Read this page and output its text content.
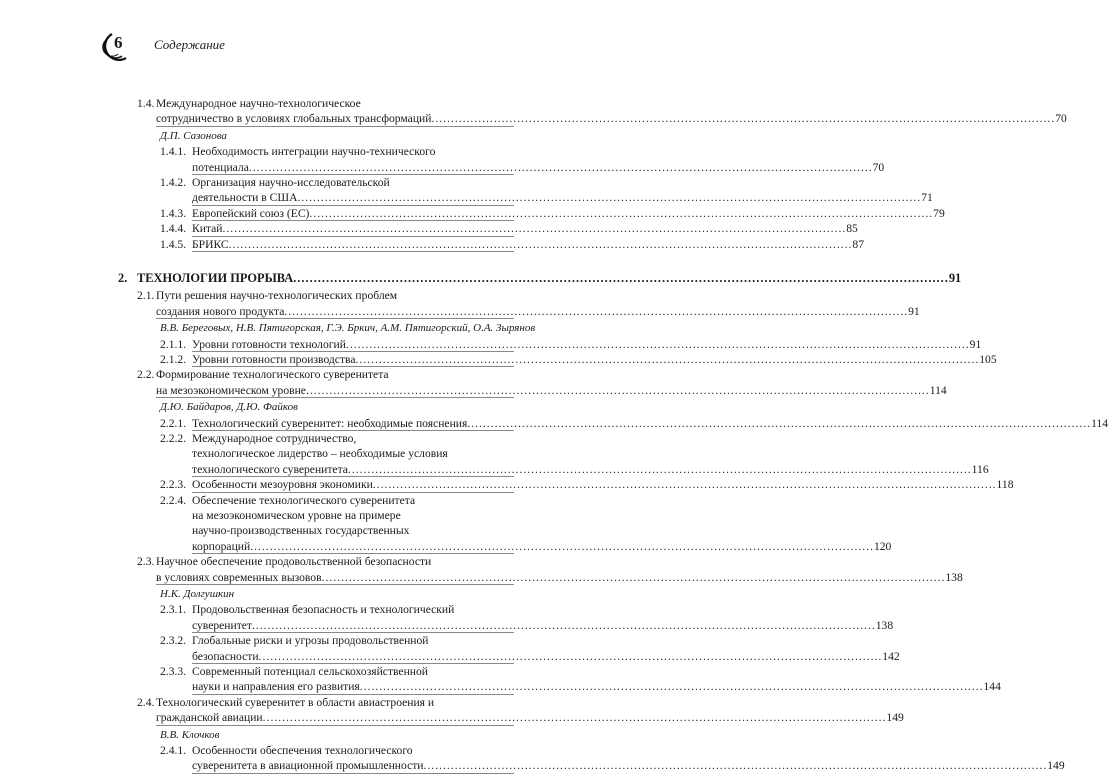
6 Содержание
1.4. Международное научно-технологическое
сотрудничество в условиях глобальных трансформаций ................................................................................................................................................................ 70
Д.П. Сазонова
1.4.1. Необходимость интеграции научно-технического
потенциала ................................................................................................................................................................ 70
1.4.2. Организация научно-исследовательской
деятельности в США ................................................................................................................................................................ 71
1.4.3. Европейский союз (ЕС) ................................................................................................................................................................ 79
1.4.4. Китай ................................................................................................................................................................ 85
1.4.5. БРИКС ................................................................................................................................................................ 87
2. ТЕХНОЛОГИИ ПРОРЫВА ................................................................................................................................................................ 91
2.1. Пути решения научно-технологических проблем
создания нового продукта ................................................................................................................................................................ 91
В.В. Береговых, Н.В. Пятигорская, Г.Э. Бркич, А.М. Пятигорский, О.А. Зырянов
2.1.1. Уровни готовности технологий ................................................................................................................................................................ 91
2.1.2. Уровни готовности производства ................................................................................................................................................................ 105
2.2. Формирование технологического суверенитета
на мезоэкономическом уровне ................................................................................................................................................................ 114
Д.Ю. Байдаров, Д.Ю. Файков
2.2.1. Технологический суверенитет: необходимые пояснения ................................................................................................................................................................ 114
2.2.2. Международное сотрудничество,
технологическое лидерство – необходимые условия
технологического суверенитета ................................................................................................................................................................ 116
2.2.3. Особенности мезоуровня экономики ................................................................................................................................................................ 118
2.2.4. Обеспечение технологического суверенитета
на мезоэкономическом уровне на примере
научно-производственных государственных
корпораций ................................................................................................................................................................ 120
2.3. Научное обеспечение продовольственной безопасности
в условиях современных вызовов ................................................................................................................................................................ 138
Н.К. Долгушкин
2.3.1. Продовольственная безопасность и технологический
суверенитет ................................................................................................................................................................ 138
2.3.2. Глобальные риски и угрозы продовольственной
безопасности ................................................................................................................................................................ 142
2.3.3. Современный потенциал сельскохозяйственной
науки и направления его развития ................................................................................................................................................................ 144
2.4. Технологический суверенитет в области авиастроения и
гражданской авиации ................................................................................................................................................................ 149
В.В. Клочков
2.4.1. Особенности обеспечения технологического
суверенитета в авиационной промышленности ................................................................................................................................................................ 149
